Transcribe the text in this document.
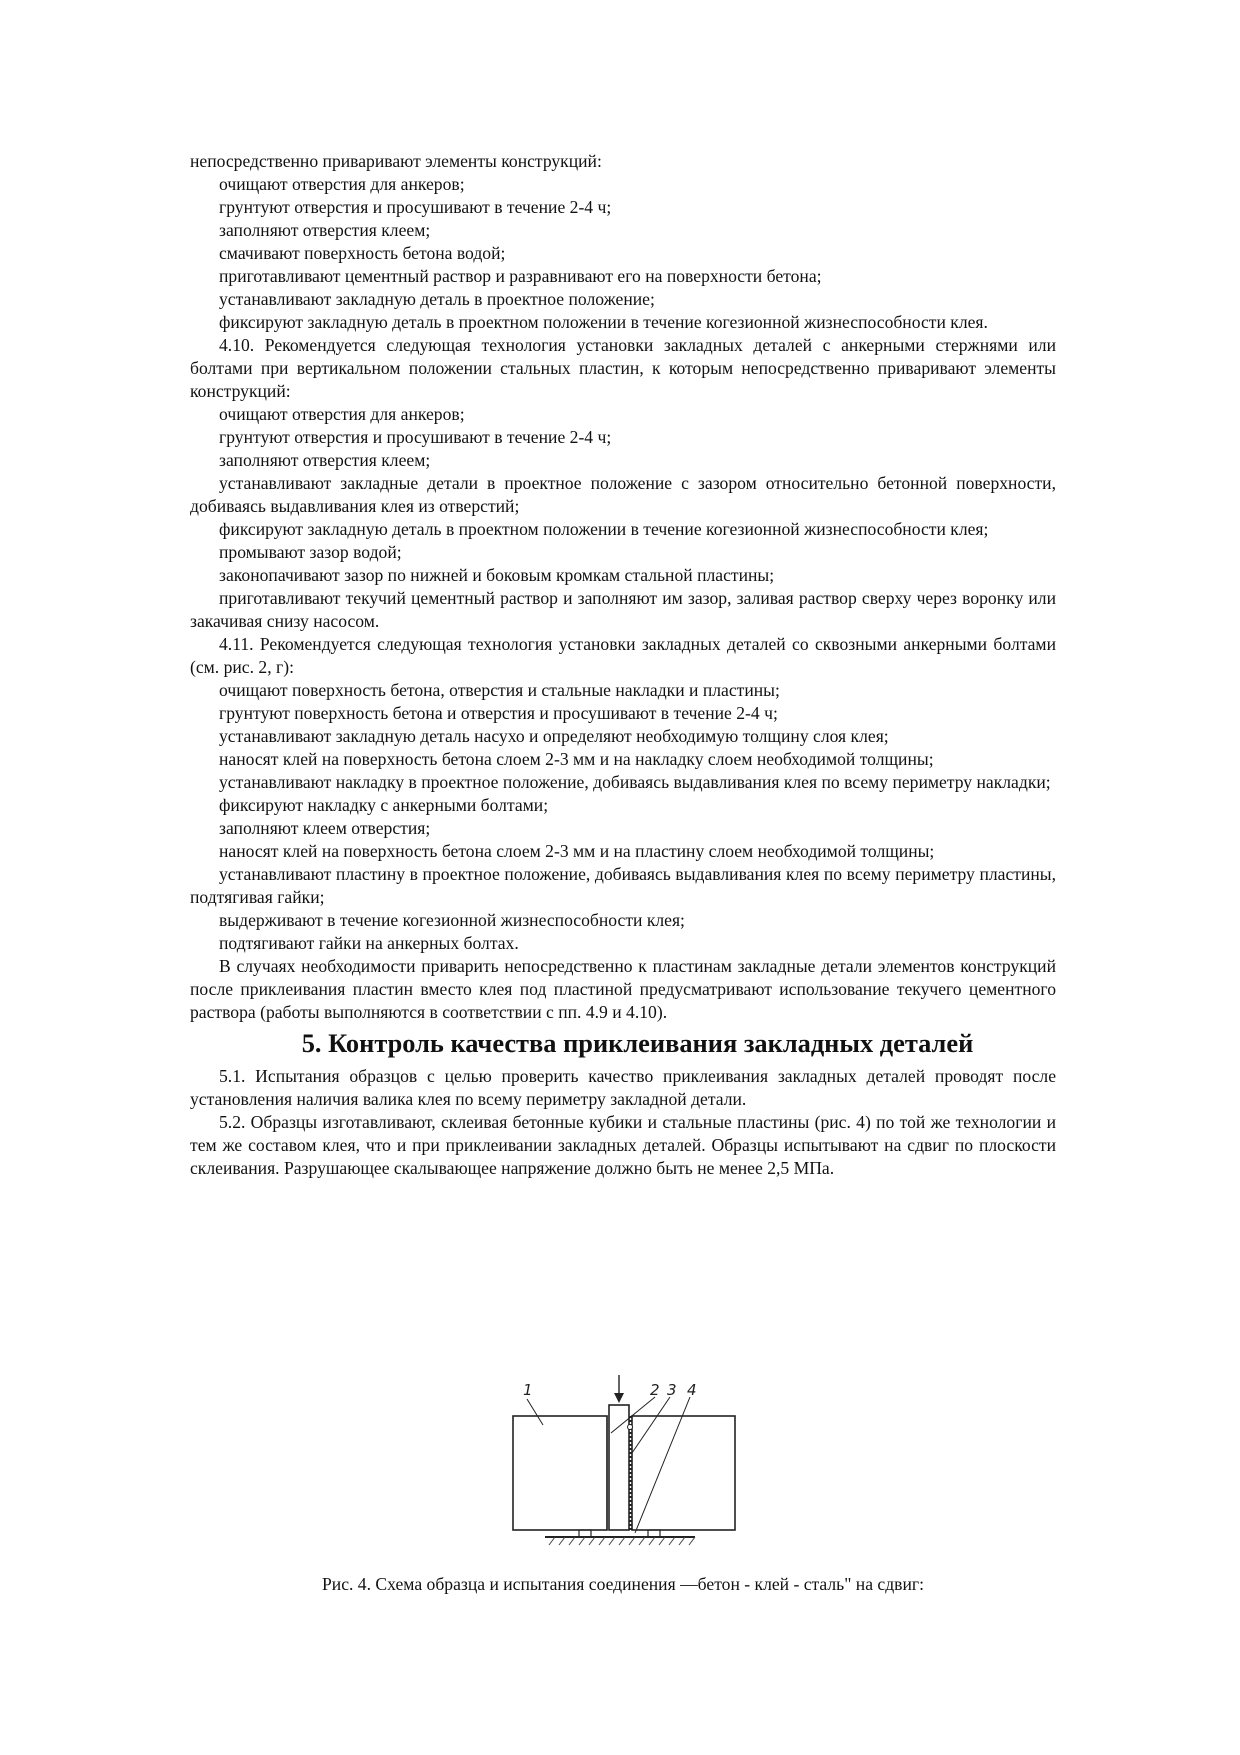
непосредственно приваривают элементы конструкций:

очищают отверстия для анкеров;

грунтуют отверстия и просушивают в течение 2-4 ч;

заполняют отверстия клеем;

смачивают поверхность бетона водой;

приготавливают цементный раствор и разравнивают его на поверхности бетона;

устанавливают закладную деталь в проектное положение;

фиксируют закладную деталь в проектном положении в течение когезионной жизнеспособности клея.

4.10. Рекомендуется следующая технология установки закладных деталей с анкерными стержнями или болтами при вертикальном положении стальных пластин, к которым непосредственно приваривают элементы конструкций:

очищают отверстия для анкеров;

грунтуют отверстия и просушивают в течение 2-4 ч;

заполняют отверстия клеем;

устанавливают закладные детали в проектное положение с зазором относительно бетонной поверхности, добиваясь выдавливания клея из отверстий;

фиксируют закладную деталь в проектном положении в течение когезионной жизнеспособности клея;

промывают зазор водой;

законопачивают зазор по нижней и боковым кромкам стальной пластины;

приготавливают текучий цементный раствор и заполняют им зазор, заливая раствор сверху через воронку или закачивая снизу насосом.

4.11. Рекомендуется следующая технология установки закладных деталей со сквозными анкерными болтами (см. рис. 2, г):

очищают поверхность бетона, отверстия и стальные накладки и пластины;

грунтуют поверхность бетона и отверстия и просушивают в течение 2-4 ч;

устанавливают закладную деталь насухо и определяют необходимую толщину слоя клея;

наносят клей на поверхность бетона слоем 2-3 мм и на накладку слоем необходимой толщины;

устанавливают накладку в проектное положение, добиваясь выдавливания клея по всему периметру накладки;

фиксируют накладку с анкерными болтами;

заполняют клеем отверстия;

наносят клей на поверхность бетона слоем 2-3 мм и на пластину слоем необходимой толщины;

устанавливают пластину в проектное положение, добиваясь выдавливания клея по всему периметру пластины, подтягивая гайки;

выдерживают в течение когезионной жизнеспособности клея;

подтягивают гайки на анкерных болтах.

В случаях необходимости приварить непосредственно к пластинам закладные детали элементов конструкций после приклеивания пластин вместо клея под пластиной предусматривают использование текучего цементного раствора (работы выполняются в соответствии с пп. 4.9 и 4.10).

5. Контроль качества приклеивания закладных деталей

5.1. Испытания образцов с целью проверить качество приклеивания закладных деталей проводят после установления наличия валика клея по всему периметру закладной детали.

5.2. Образцы изготавливают, склеивая бетонные кубики и стальные пластины (рис. 4) по той же технологии и тем же составом клея, что и при приклеивании закладных деталей. Образцы испытывают на сдвиг по плоскости склеивания. Разрушающее скалывающее напряжение должно быть не менее 2,5 МПа.

1	2 3 4
Рис. 4. Схема образца и испытания соединения ―бетон - клей - сталь" на сдвиг:
